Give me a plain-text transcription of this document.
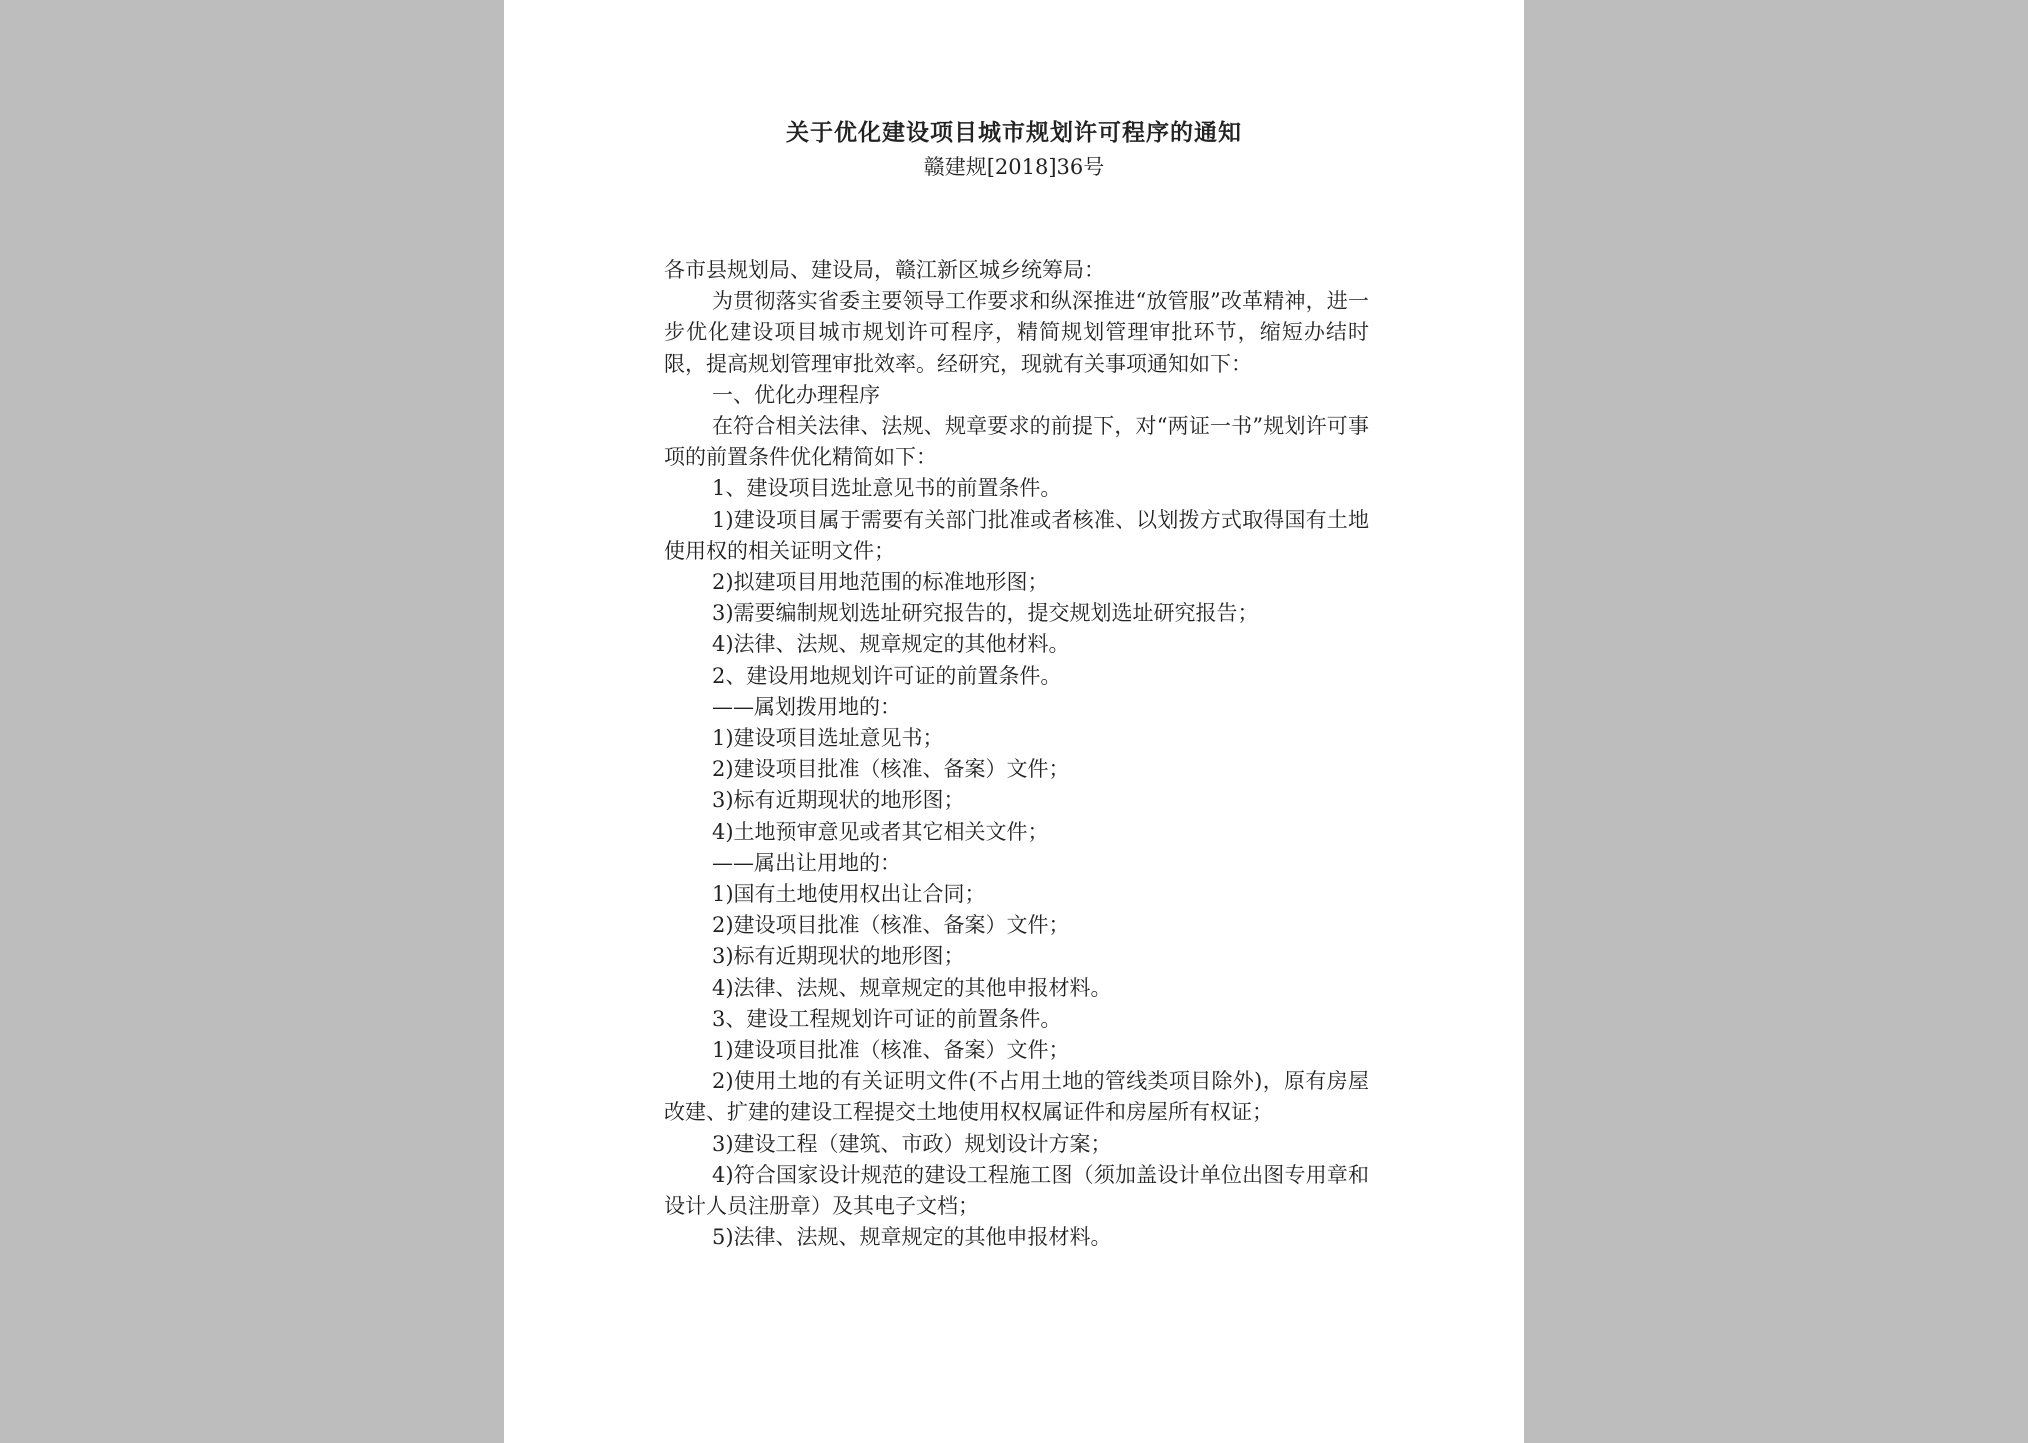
关于优化建设项目城市规划许可程序的通知
赣建规[2018]36号

各市县规划局、建设局，赣江新区城乡统筹局：

为贯彻落实省委主要领导工作要求和纵深推进“放管服”改革精神，进一步优化建设项目城市规划许可程序，精简规划管理审批环节，缩短办结时限，提高规划管理审批效率。经研究，现就有关事项通知如下：

一、优化办理程序

在符合相关法律、法规、规章要求的前提下，对“两证一书”规划许可事项的前置条件优化精简如下：

1、建设项目选址意见书的前置条件。

1)建设项目属于需要有关部门批准或者核准、以划拨方式取得国有土地使用权的相关证明文件；

2)拟建项目用地范围的标准地形图；

3)需要编制规划选址研究报告的，提交规划选址研究报告；

4)法律、法规、规章规定的其他材料。

2、建设用地规划许可证的前置条件。

——属划拨用地的：

1)建设项目选址意见书；

2)建设项目批准（核准、备案）文件；

3)标有近期现状的地形图；

4)土地预审意见或者其它相关文件；

——属出让用地的：

1)国有土地使用权出让合同；

2)建设项目批准（核准、备案）文件；

3)标有近期现状的地形图；

4)法律、法规、规章规定的其他申报材料。

3、建设工程规划许可证的前置条件。

1)建设项目批准（核准、备案）文件；

2)使用土地的有关证明文件(不占用土地的管线类项目除外)，原有房屋改建、扩建的建设工程提交土地使用权权属证件和房屋所有权证；

3)建设工程（建筑、市政）规划设计方案；

4)符合国家设计规范的建设工程施工图（须加盖设计单位出图专用章和设计人员注册章）及其电子文档；

5)法律、法规、规章规定的其他申报材料。
